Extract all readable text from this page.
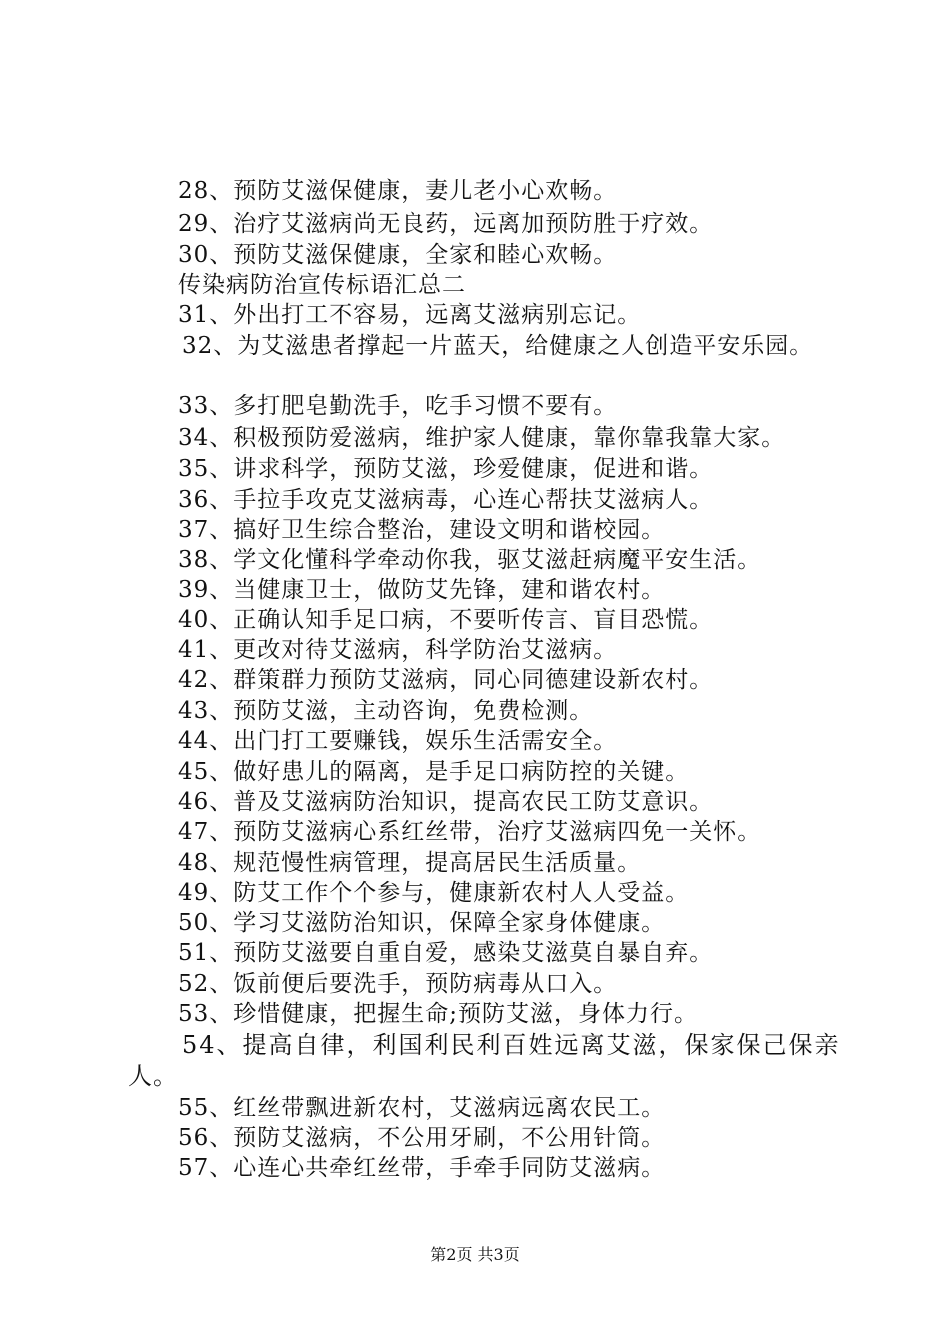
28、预防艾滋保健康，妻儿老小心欢畅。
29、治疗艾滋病尚无良药，远离加预防胜于疗效。
30、预防艾滋保健康，全家和睦心欢畅。
传染病防治宣传标语汇总二
31、外出打工不容易，远离艾滋病别忘记。
32、为艾滋患者撑起一片蓝天，给健康之人创造平安乐园。
33、多打肥皂勤洗手，吃手习惯不要有。
34、积极预防爱滋病，维护家人健康，靠你靠我靠大家。
35、讲求科学，预防艾滋，珍爱健康，促进和谐。
36、手拉手攻克艾滋病毒，心连心帮扶艾滋病人。
37、搞好卫生综合整治，建设文明和谐校园。
38、学文化懂科学牵动你我，驱艾滋赶病魔平安生活。
39、当健康卫士，做防艾先锋，建和谐农村。
40、正确认知手足口病，不要听传言、盲目恐慌。
41、更改对待艾滋病，科学防治艾滋病。
42、群策群力预防艾滋病，同心同德建设新农村。
43、预防艾滋，主动咨询，免费检测。
44、出门打工要赚钱，娱乐生活需安全。
45、做好患儿的隔离，是手足口病防控的关键。
46、普及艾滋病防治知识，提高农民工防艾意识。
47、预防艾滋病心系红丝带，治疗艾滋病四免一关怀。
48、规范慢性病管理，提高居民生活质量。
49、防艾工作个个参与，健康新农村人人受益。
50、学习艾滋防治知识，保障全家身体健康。
51、预防艾滋要自重自爱，感染艾滋莫自暴自弃。
52、饭前便后要洗手，预防病毒从口入。
53、珍惜健康，把握生命;预防艾滋，身体力行。
54、提高自律，利国利民利百姓远离艾滋，保家保己保亲
人。
55、红丝带飘进新农村，艾滋病远离农民工。
56、预防艾滋病，不公用牙刷，不公用针筒。
57、心连心共牵红丝带，手牵手同防艾滋病。
第2页 共3页
